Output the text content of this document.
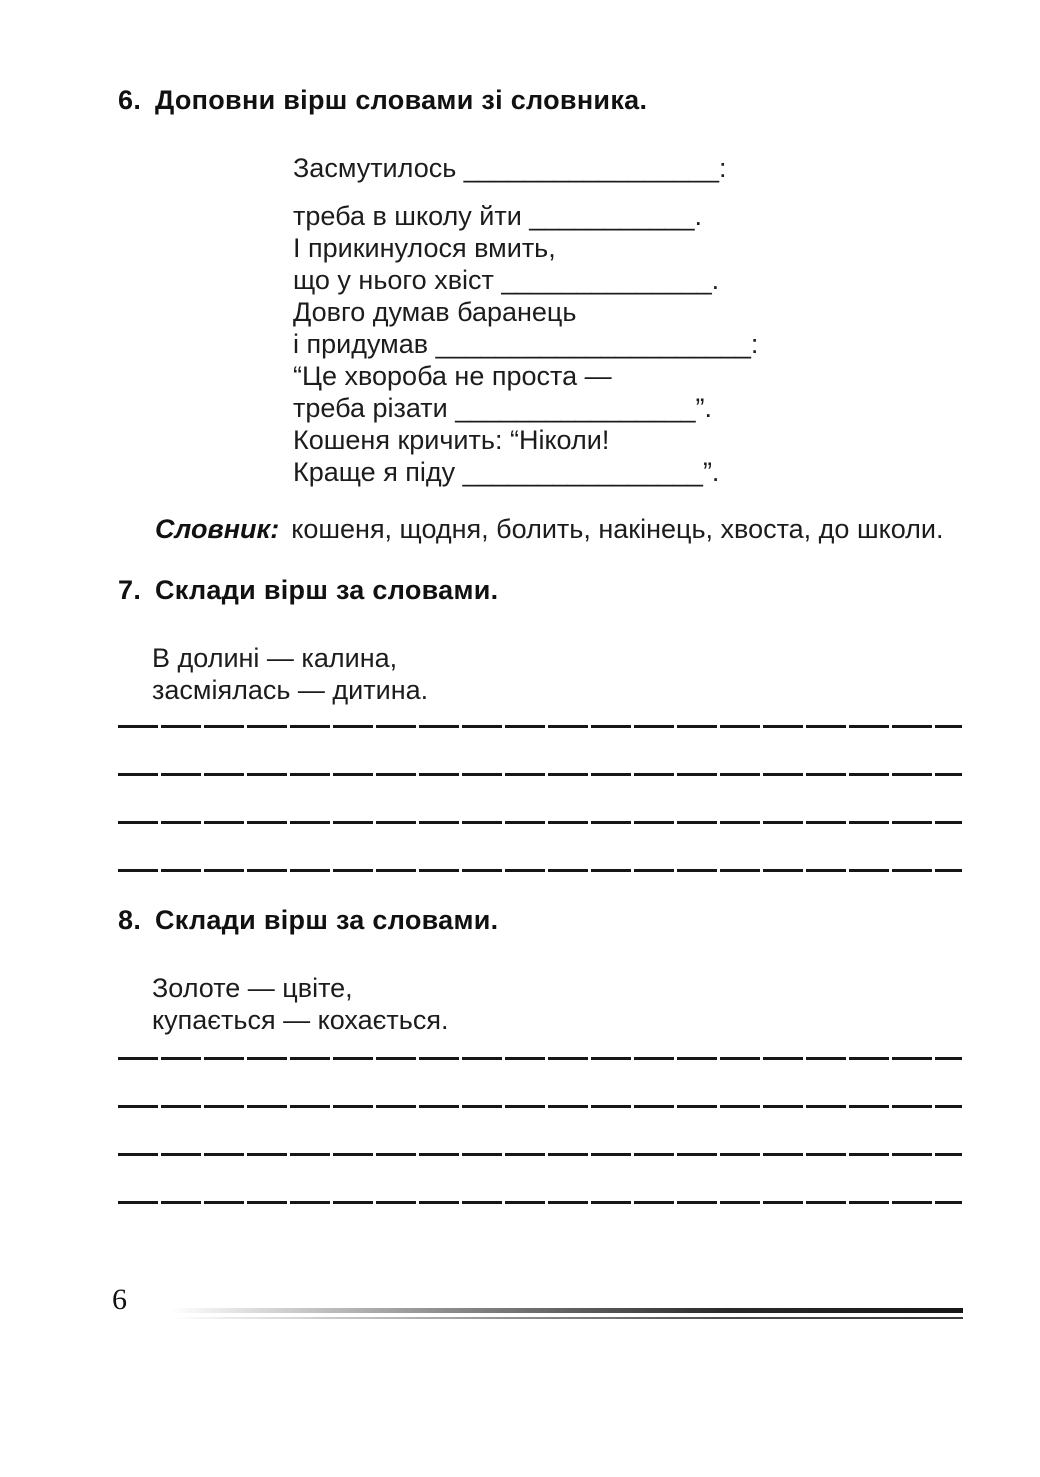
6. Доповни вірш словами зі словника.
Засмутилось _________________:
треба в школу йти ___________.
І прикинулося вмить,
що у нього хвіст ______________.
Довго думав баранець
і придумав _____________________:
“Це хвороба не проста —
треба різати ________________”.
Кошеня кричить: “Ніколи!
Краще я піду ________________”.
Словник: кошеня, щодня, болить, накінець, хвоста, до школи.
7. Склади вірш за словами.
В долині — калина,
засміялась — дитина.
8. Склади вірш за словами.
Золоте — цвіте,
купається — кохається.
6
